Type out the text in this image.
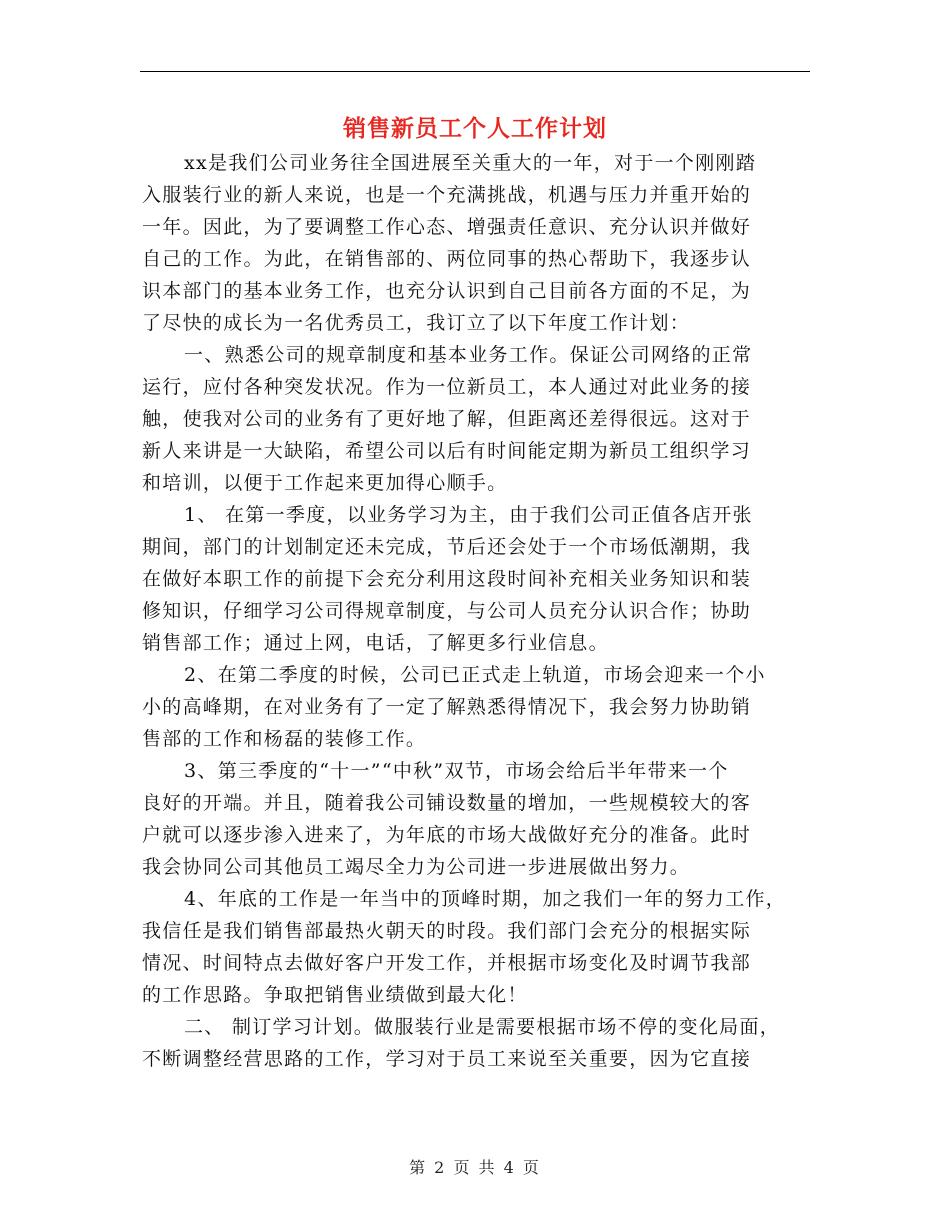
销售新员工个人工作计划
xx是我们公司业务往全国进展至关重大的一年，对于一个刚刚踏
入服装行业的新人来说，也是一个充满挑战，机遇与压力并重开始的
一年。因此，为了要调整工作心态、增强责任意识、充分认识并做好
自己的工作。为此，在销售部的、两位同事的热心帮助下，我逐步认
识本部门的基本业务工作，也充分认识到自己目前各方面的不足，为
了尽快的成长为一名优秀员工，我订立了以下年度工作计划：
一、熟悉公司的规章制度和基本业务工作。保证公司网络的正常
运行，应付各种突发状况。作为一位新员工，本人通过对此业务的接
触，使我对公司的业务有了更好地了解，但距离还差得很远。这对于
新人来讲是一大缺陷，希望公司以后有时间能定期为新员工组织学习
和培训，以便于工作起来更加得心顺手。
1、 在第一季度，以业务学习为主，由于我们公司正值各店开张
期间，部门的计划制定还未完成，节后还会处于一个市场低潮期，我
在做好本职工作的前提下会充分利用这段时间补充相关业务知识和装
修知识，仔细学习公司得规章制度，与公司人员充分认识合作；协助
销售部工作；通过上网，电话，了解更多行业信息。
2、在第二季度的时候，公司已正式走上轨道，市场会迎来一个小
小的高峰期，在对业务有了一定了解熟悉得情况下，我会努力协助销
售部的工作和杨磊的装修工作。
3、第三季度的“十一”“中秋”双节，市场会给后半年带来一个
良好的开端。并且，随着我公司铺设数量的增加，一些规模较大的客
户就可以逐步渗入进来了，为年底的市场大战做好充分的准备。此时
我会协同公司其他员工竭尽全力为公司进一步进展做出努力。
4、年底的工作是一年当中的顶峰时期，加之我们一年的努力工作，
我信任是我们销售部最热火朝天的时段。我们部门会充分的根据实际
情况、时间特点去做好客户开发工作，并根据市场变化及时调节我部
的工作思路。争取把销售业绩做到最大化！
二、 制订学习计划。做服装行业是需要根据市场不停的变化局面，
不断调整经营思路的工作，学习对于员工来说至关重要，因为它直接
第 2 页 共 4 页
